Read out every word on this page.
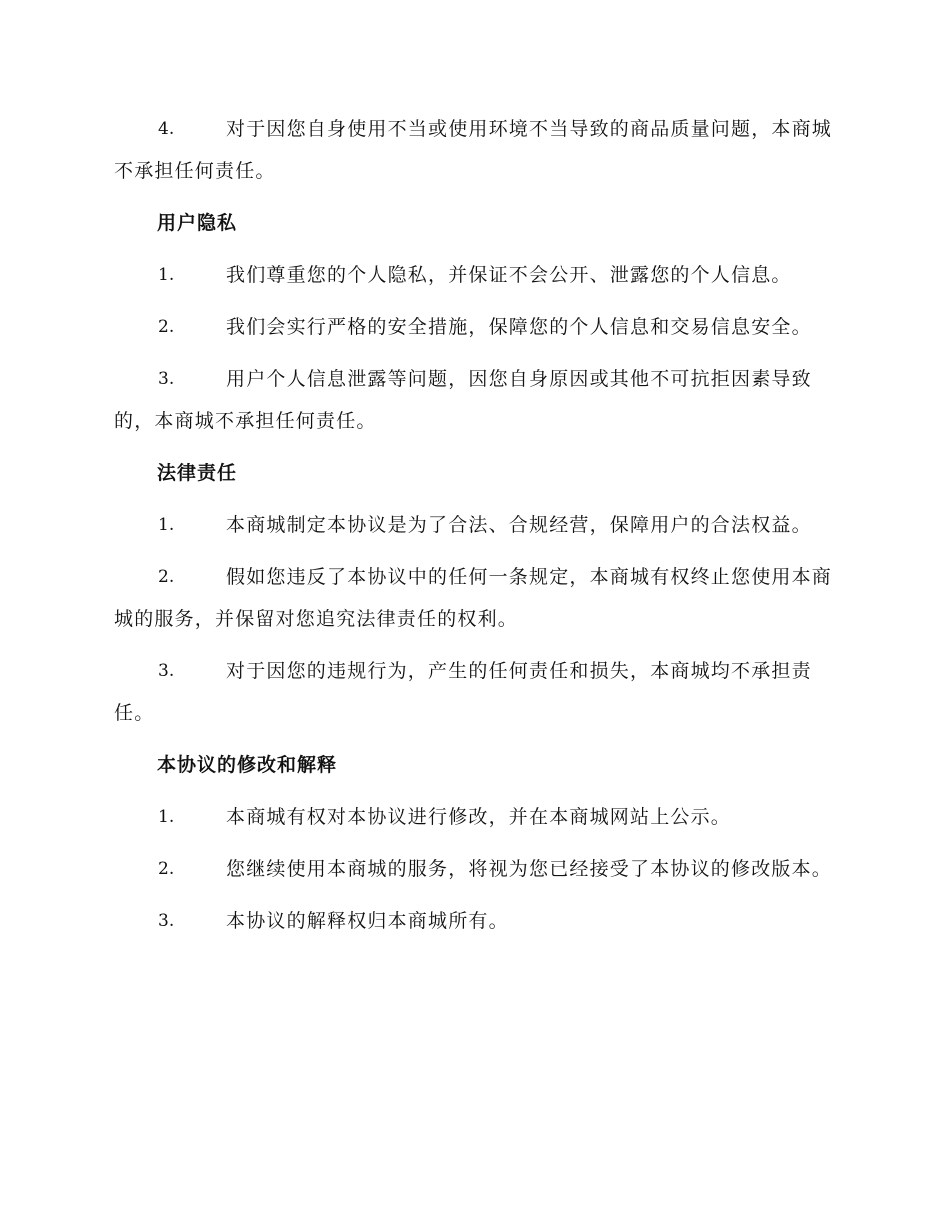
4.	对于因您自身使用不当或使用环境不当导致的商品质量问题，本商城不承担任何责任。

用户隐私

1.	我们尊重您的个人隐私，并保证不会公开、泄露您的个人信息。

2.	我们会实行严格的安全措施，保障您的个人信息和交易信息安全。

3.	用户个人信息泄露等问题，因您自身原因或其他不可抗拒因素导致的，本商城不承担任何责任。

法律责任

1.	本商城制定本协议是为了合法、合规经营，保障用户的合法权益。

2.	假如您违反了本协议中的任何一条规定，本商城有权终止您使用本商城的服务，并保留对您追究法律责任的权利。

3.	对于因您的违规行为，产生的任何责任和损失，本商城均不承担责任。

本协议的修改和解释

1.	本商城有权对本协议进行修改，并在本商城网站上公示。

2.	您继续使用本商城的服务，将视为您已经接受了本协议的修改版本。

3.	本协议的解释权归本商城所有。
